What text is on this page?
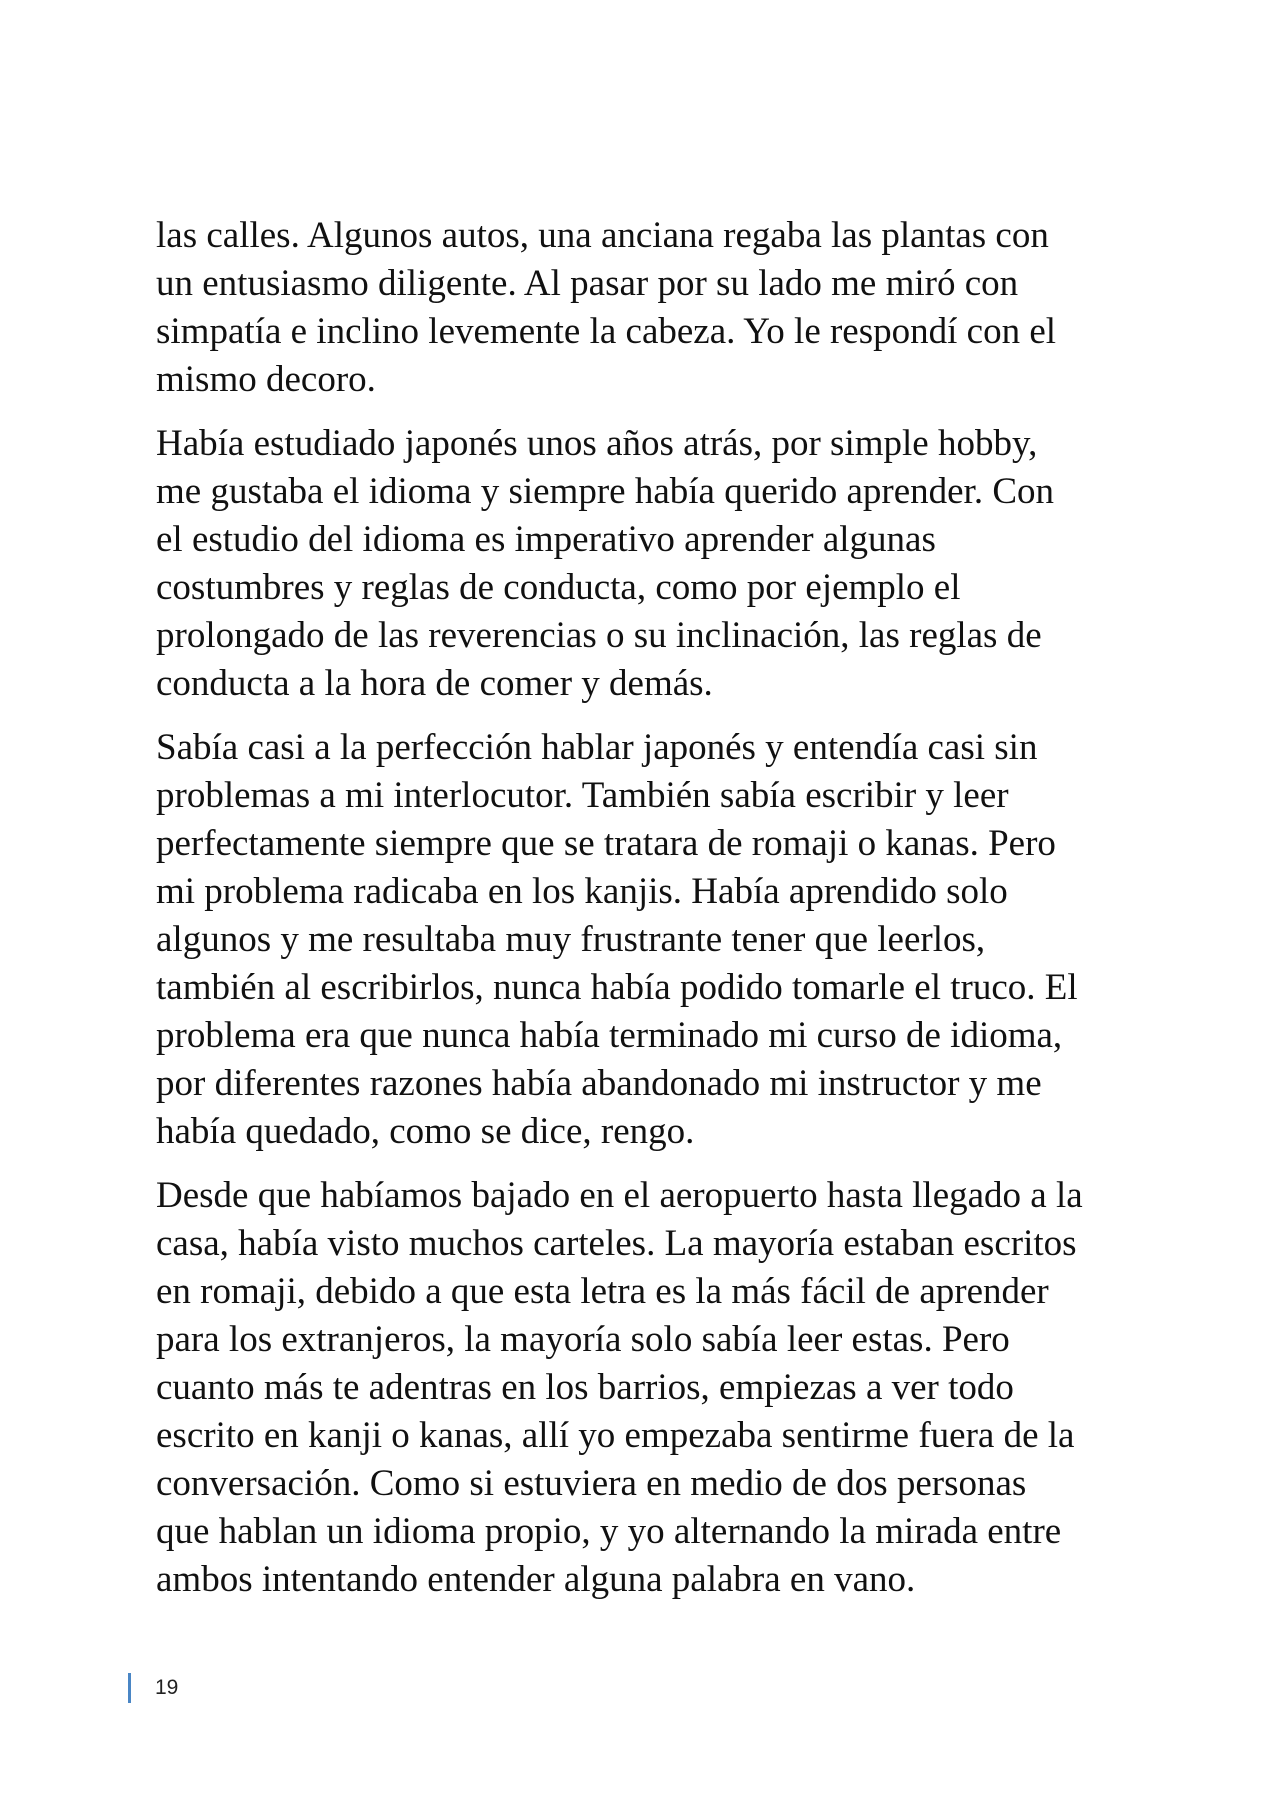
las calles. Algunos autos, una anciana regaba las plantas con
un entusiasmo diligente. Al pasar por su lado me miró con
simpatía e inclino levemente la cabeza. Yo le respondí con el
mismo decoro.

Había estudiado japonés unos años atrás, por simple hobby,
me gustaba el idioma y siempre había querido aprender. Con
el estudio del idioma es imperativo aprender algunas
costumbres y reglas de conducta, como por ejemplo el
prolongado de las reverencias o su inclinación, las reglas de
conducta a la hora de comer y demás.

Sabía casi a la perfección hablar japonés y entendía casi sin
problemas a mi interlocutor. También sabía escribir y leer
perfectamente siempre que se tratara de romaji o kanas. Pero
mi problema radicaba en los kanjis. Había aprendido solo
algunos y me resultaba muy frustrante tener que leerlos,
también al escribirlos, nunca había podido tomarle el truco. El
problema era que nunca había terminado mi curso de idioma,
por diferentes razones había abandonado mi instructor y me
había quedado, como se dice, rengo.

Desde que habíamos bajado en el aeropuerto hasta llegado a la
casa, había visto muchos carteles. La mayoría estaban escritos
en romaji, debido a que esta letra es la más fácil de aprender
para los extranjeros, la mayoría solo sabía leer estas. Pero
cuanto más te adentras en los barrios, empiezas a ver todo
escrito en kanji o kanas, allí yo empezaba sentirme fuera de la
conversación. Como si estuviera en medio de dos personas
que hablan un idioma propio, y yo alternando la mirada entre
ambos intentando entender alguna palabra en vano.

19
